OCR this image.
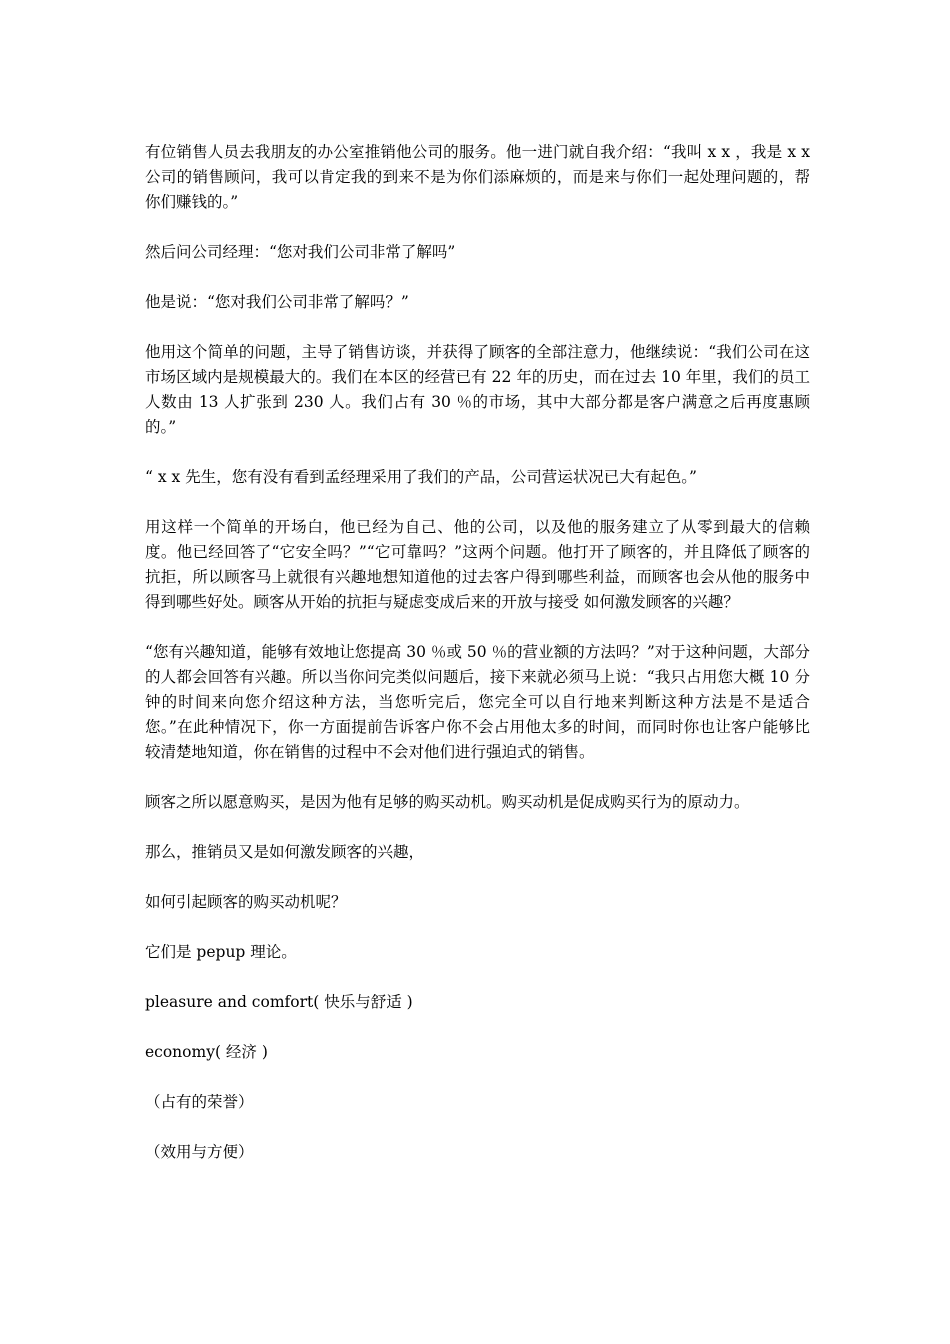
有位销售人员去我朋友的办公室推销他公司的服务。他一进门就自我介绍：“我叫 x x ，我是 x x 公司的销售顾问，我可以肯定我的到来不是为你们添麻烦的，而是来与你们一起处理问题的，帮你们赚钱的。”

然后问公司经理：“您对我们公司非常了解吗”

他是说：“您对我们公司非常了解吗？”

他用这个简单的问题，主导了销售访谈，并获得了顾客的全部注意力，他继续说：“我们公司在这市场区域内是规模最大的。我们在本区的经营已有 22 年的历史，而在过去 10 年里，我们的员工人数由 13 人扩张到 230 人。我们占有 30 ％的市场，其中大部分都是客户满意之后再度惠顾的。”

“ x x 先生，您有没有看到孟经理采用了我们的产品，公司营运状况已大有起色。”

用这样一个简单的开场白，他已经为自己、他的公司，以及他的服务建立了从零到最大的信赖度。他已经回答了“它安全吗？”“它可靠吗？”这两个问题。他打开了顾客的，并且降低了顾客的抗拒，所以顾客马上就很有兴趣地想知道他的过去客户得到哪些利益，而顾客也会从他的服务中得到哪些好处。顾客从开始的抗拒与疑虑变成后来的开放与接受 如何激发顾客的兴趣？

“您有兴趣知道，能够有效地让您提高 30 ％或 50 ％的营业额的方法吗？”对于这种问题，大部分的人都会回答有兴趣。所以当你问完类似问题后，接下来就必须马上说：“我只占用您大概 10 分钟的时间来向您介绍这种方法，当您听完后，您完全可以自行地来判断这种方法是不是适合您。”在此种情况下，你一方面提前告诉客户你不会占用他太多的时间，而同时你也让客户能够比较清楚地知道，你在销售的过程中不会对他们进行强迫式的销售。

顾客之所以愿意购买，是因为他有足够的购买动机。购买动机是促成购买行为的原动力。

那么，推销员又是如何激发顾客的兴趣，

如何引起顾客的购买动机呢？

它们是 pepup 理论。

pleasure and comfort( 快乐与舒适 )

economy( 经济 )

（占有的荣誉）

（效用与方便）
